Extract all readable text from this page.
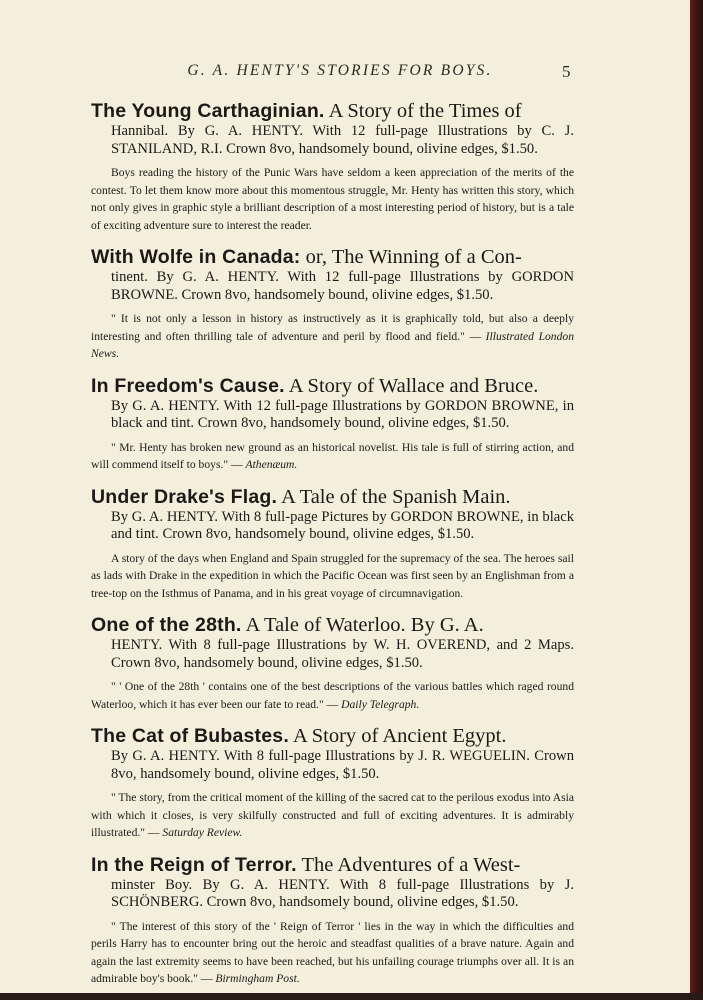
G. A. HENTY'S STORIES FOR BOYS.	5
The Young Carthaginian. A Story of the Times of
Hannibal. By G. A. HENTY. With 12 full-page Illustrations by C. J. STANILAND, R.I. Crown 8vo, handsomely bound, olivine edges, $1.50.
Boys reading the history of the Punic Wars have seldom a keen appreciation of the merits of the contest. To let them know more about this momentous struggle, Mr. Henty has written this story, which not only gives in graphic style a brilliant description of a most interesting period of history, but is a tale of exciting adventure sure to interest the reader.
With Wolfe in Canada: or, The Winning of a Con-
tinent. By G. A. HENTY. With 12 full-page Illustrations by GORDON BROWNE. Crown 8vo, handsomely bound, olivine edges, $1.50.
" It is not only a lesson in history as instructively as it is graphically told, but also a deeply interesting and often thrilling tale of adventure and peril by flood and field." — Illustrated London News.
In Freedom's Cause. A Story of Wallace and Bruce.
By G. A. HENTY. With 12 full-page Illustrations by GORDON BROWNE, in black and tint. Crown 8vo, handsomely bound, olivine edges, $1.50.
" Mr. Henty has broken new ground as an historical novelist. His tale is full of stirring action, and will commend itself to boys." — Athenæum.
Under Drake's Flag. A Tale of the Spanish Main.
By G. A. HENTY. With 8 full-page Pictures by GORDON BROWNE, in black and tint. Crown 8vo, handsomely bound, olivine edges, $1.50.
A story of the days when England and Spain struggled for the supremacy of the sea. The heroes sail as lads with Drake in the expedition in which the Pacific Ocean was first seen by an Englishman from a tree-top on the Isthmus of Panama, and in his great voyage of circumnavigation.
One of the 28th. A Tale of Waterloo. By G. A.
HENTY. With 8 full-page Illustrations by W. H. OVEREND, and 2 Maps. Crown 8vo, handsomely bound, olivine edges, $1.50.
" ' One of the 28th ' contains one of the best descriptions of the various battles which raged round Waterloo, which it has ever been our fate to read." — Daily Telegraph.
The Cat of Bubastes. A Story of Ancient Egypt.
By G. A. HENTY. With 8 full-page Illustrations by J. R. WEGUELIN. Crown 8vo, handsomely bound, olivine edges, $1.50.
" The story, from the critical moment of the killing of the sacred cat to the perilous exodus into Asia with which it closes, is very skilfully constructed and full of exciting adventures. It is admirably illustrated." — Saturday Review.
In the Reign of Terror. The Adventures of a West-
minster Boy. By G. A. HENTY. With 8 full-page Illustrations by J. SCHÖNBERG. Crown 8vo, handsomely bound, olivine edges, $1.50.
" The interest of this story of the ' Reign of Terror ' lies in the way in which the difficulties and perils Harry has to encounter bring out the heroic and steadfast qualities of a brave nature. Again and again the last extremity seems to have been reached, but his unfailing courage triumphs over all. It is an admirable boy's book." — Birmingham Post.
